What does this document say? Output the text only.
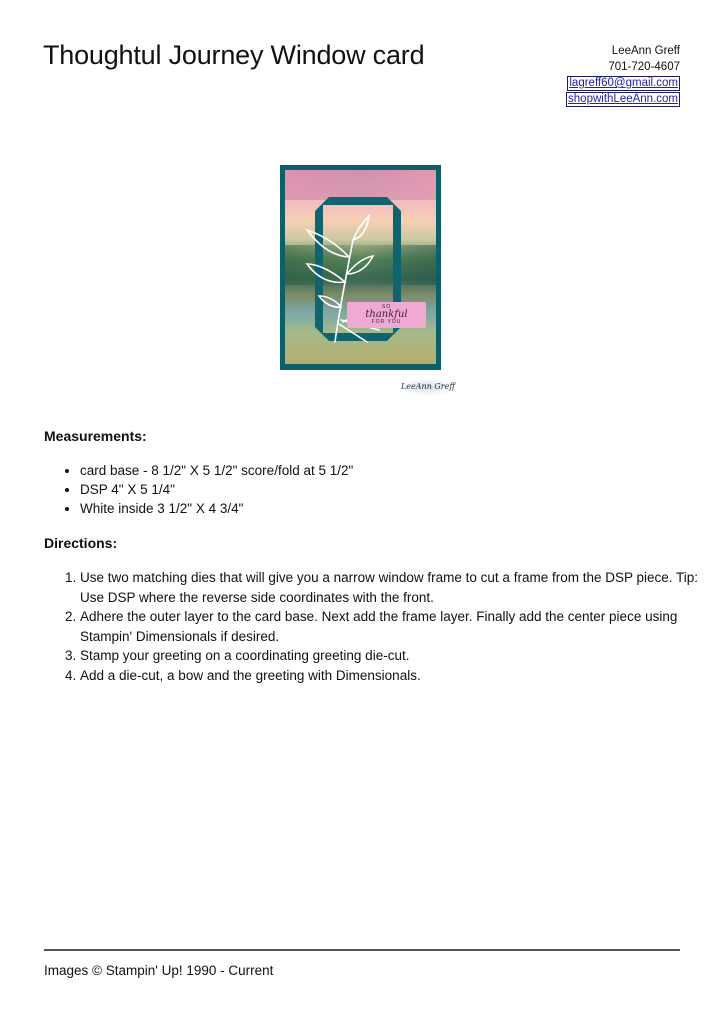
Thoughtul Journey Window card	LeeAnn Greff
701-720-4607
lagreff60@gmail.com
shopwithLeeAnn.com
SO
thankful
FOR YOU
LeeAnn Greff
Measurements:
• card base - 8 1/2" X 5 1/2" score/fold at 5 1/2"
• DSP 4" X 5 1/4"
• White inside 3 1/2" X 4 3/4"
Directions:
1. Use two matching dies that will give you a narrow window frame to cut a frame from the DSP piece. Tip: Use DSP where the reverse side coordinates with the front.
2. Adhere the outer layer to the card base. Next add the frame layer. Finally add the center piece using Stampin' Dimensionals if desired.
3. Stamp your greeting on a coordinating greeting die-cut.
4. Add a die-cut, a bow and the greeting with Dimensionals.
Images © Stampin' Up! 1990 - Current
